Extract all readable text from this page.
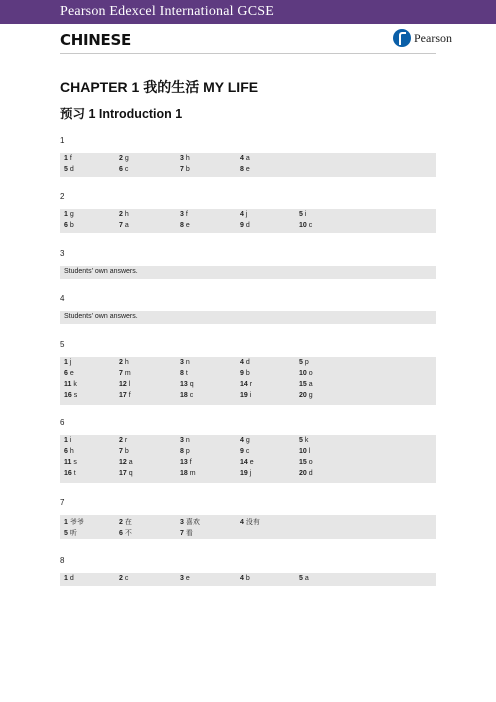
Pearson Edexcel International GCSE
CHINESE	Pearson
CHAPTER 1 我的生活 MY LIFE
预习 1 Introduction 1
1
1 f	2 g	3 h	4 a
5 d	6 c	7 b	8 e
2
1 g	2 h	3 f	4 j	5 i
6 b	7 a	8 e	9 d	10 c
3
Students' own answers.
4
Students' own answers.
5
1 j	2 h	3 n	4 d	5 p
6 e	7 m	8 t	9 b	10 o
11 k	12 l	13 q	14 r	15 a
16 s	17 f	18 c	19 i	20 g
6
1 i	2 r	3 n	4 g	5 k
6 h	7 b	8 p	9 c	10 l
11 s	12 a	13 f	14 e	15 o
16 t	17 q	18 m	19 j	20 d
7
1 爷爷	2 在	3 喜欢	4 没有
5 听	6 不	7 看
8
1 d	2 c	3 e	4 b	5 a
